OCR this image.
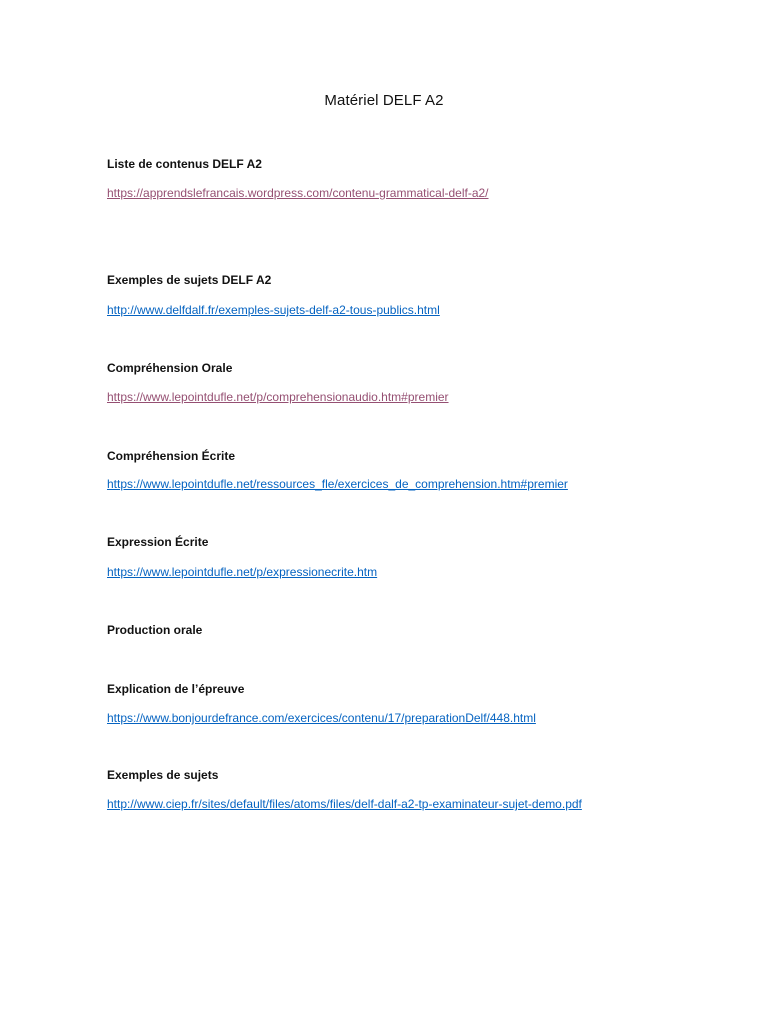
Matériel DELF A2
Liste de contenus DELF A2
https://apprendslefrancais.wordpress.com/contenu-grammatical-delf-a2/
Exemples de sujets DELF A2
http://www.delfdalf.fr/exemples-sujets-delf-a2-tous-publics.html
Compréhension Orale
https://www.lepointdufle.net/p/comprehensionaudio.htm#premier
Compréhension Écrite
https://www.lepointdufle.net/ressources_fle/exercices_de_comprehension.htm#premier
Expression Écrite
https://www.lepointdufle.net/p/expressionecrite.htm
Production orale
Explication de l’épreuve
https://www.bonjourdefrance.com/exercices/contenu/17/preparationDelf/448.html
Exemples de sujets
http://www.ciep.fr/sites/default/files/atoms/files/delf-dalf-a2-tp-examinateur-sujet-demo.pdf
